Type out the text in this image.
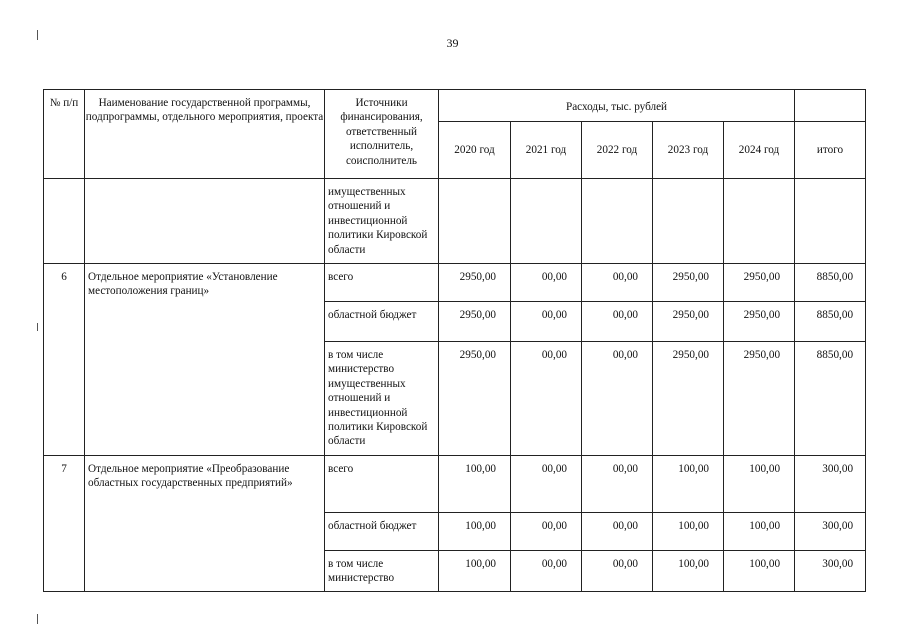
39
№ п/п	Наименование государственной программы, подпрограммы, отдельного мероприятия, проекта	Источники финансирования, ответственный исполнитель, соисполнитель	Расходы, тыс. рублей					
			2020 год	2021 год	2022 год	2023 год	2024 год	итого
		имущественных отношений и инвестиционной политики Кировской области						
6	Отдельное мероприятие «Установление местоположения границ»	всего	2950,00	00,00	00,00	2950,00	2950,00	8850,00
		областной бюджет	2950,00	00,00	00,00	2950,00	2950,00	8850,00
		в том числе министерство имущественных отношений и инвестиционной политики Кировской области	2950,00	00,00	00,00	2950,00	2950,00	8850,00
7	Отдельное мероприятие «Преобразование областных государственных предприятий»	всего	100,00	00,00	00,00	100,00	100,00	300,00
		областной бюджет	100,00	00,00	00,00	100,00	100,00	300,00
		в том числе министерство	100,00	00,00	00,00	100,00	100,00	300,00
